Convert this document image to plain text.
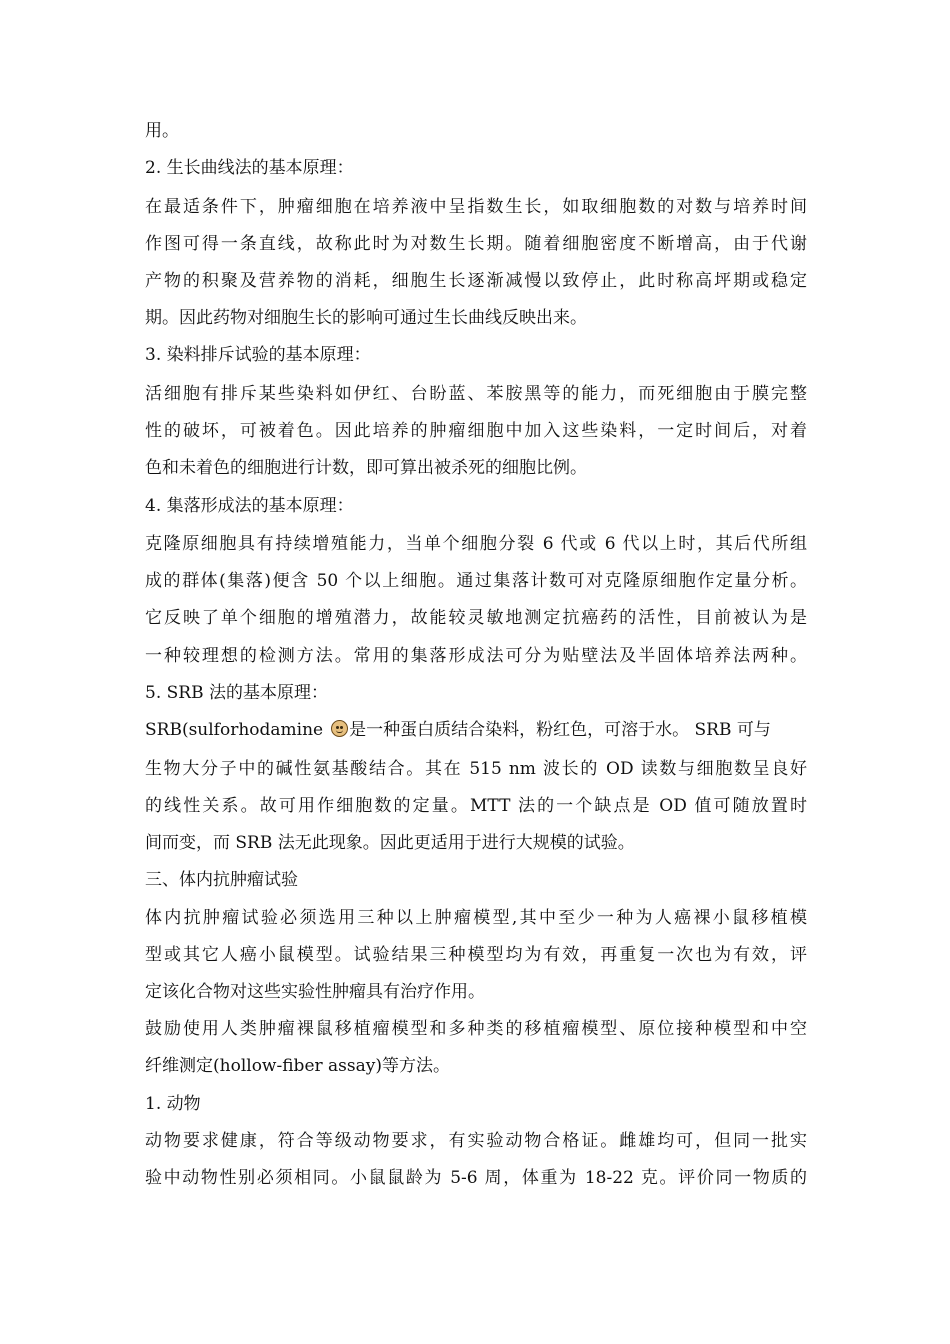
用。
2. 生长曲线法的基本原理：
在最适条件下，肿瘤细胞在培养液中呈指数生长，如取细胞数的对数与培养时间
作图可得一条直线，故称此时为对数生长期。随着细胞密度不断增高，由于代谢
产物的积聚及营养物的消耗，细胞生长逐渐减慢以致停止，此时称高坪期或稳定
期。因此药物对细胞生长的影响可通过生长曲线反映出来。
3. 染料排斥试验的基本原理：
活细胞有排斥某些染料如伊红、台盼蓝、苯胺黑等的能力，而死细胞由于膜完整
性的破坏，可被着色。因此培养的肿瘤细胞中加入这些染料，一定时间后，对着
色和未着色的细胞进行计数，即可算出被杀死的细胞比例。
4. 集落形成法的基本原理：
克隆原细胞具有持续增殖能力，当单个细胞分裂 6 代或 6 代以上时，其后代所组
成的群体(集落)便含 50 个以上细胞。通过集落计数可对克隆原细胞作定量分析。
它反映了单个细胞的增殖潜力，故能较灵敏地测定抗癌药的活性，目前被认为是
一种较理想的检测方法。常用的集落形成法可分为贴壁法及半固体培养法两种。
5. SRB 法的基本原理：
SRB(sulforhodamine 是一种蛋白质结合染料，粉红色，可溶于水。 SRB 可与
生物大分子中的碱性氨基酸结合。其在 515 nm 波长的 OD 读数与细胞数呈良好
的线性关系。故可用作细胞数的定量。MTT 法的一个缺点是 OD 值可随放置时
间而变，而 SRB 法无此现象。因此更适用于进行大规模的试验。
三、体内抗肿瘤试验
体内抗肿瘤试验必须选用三种以上肿瘤模型,其中至少一种为人癌裸小鼠移植模
型或其它人癌小鼠模型。试验结果三种模型均为有效，再重复一次也为有效，评
定该化合物对这些实验性肿瘤具有治疗作用。
鼓励使用人类肿瘤裸鼠移植瘤模型和多种类的移植瘤模型、原位接种模型和中空
纤维测定(hollow-fiber assay)等方法。
1. 动物
动物要求健康，符合等级动物要求，有实验动物合格证。雌雄均可，但同一批实
验中动物性别必须相同。小鼠鼠龄为 5-6 周，体重为 18-22 克。评价同一物质的
